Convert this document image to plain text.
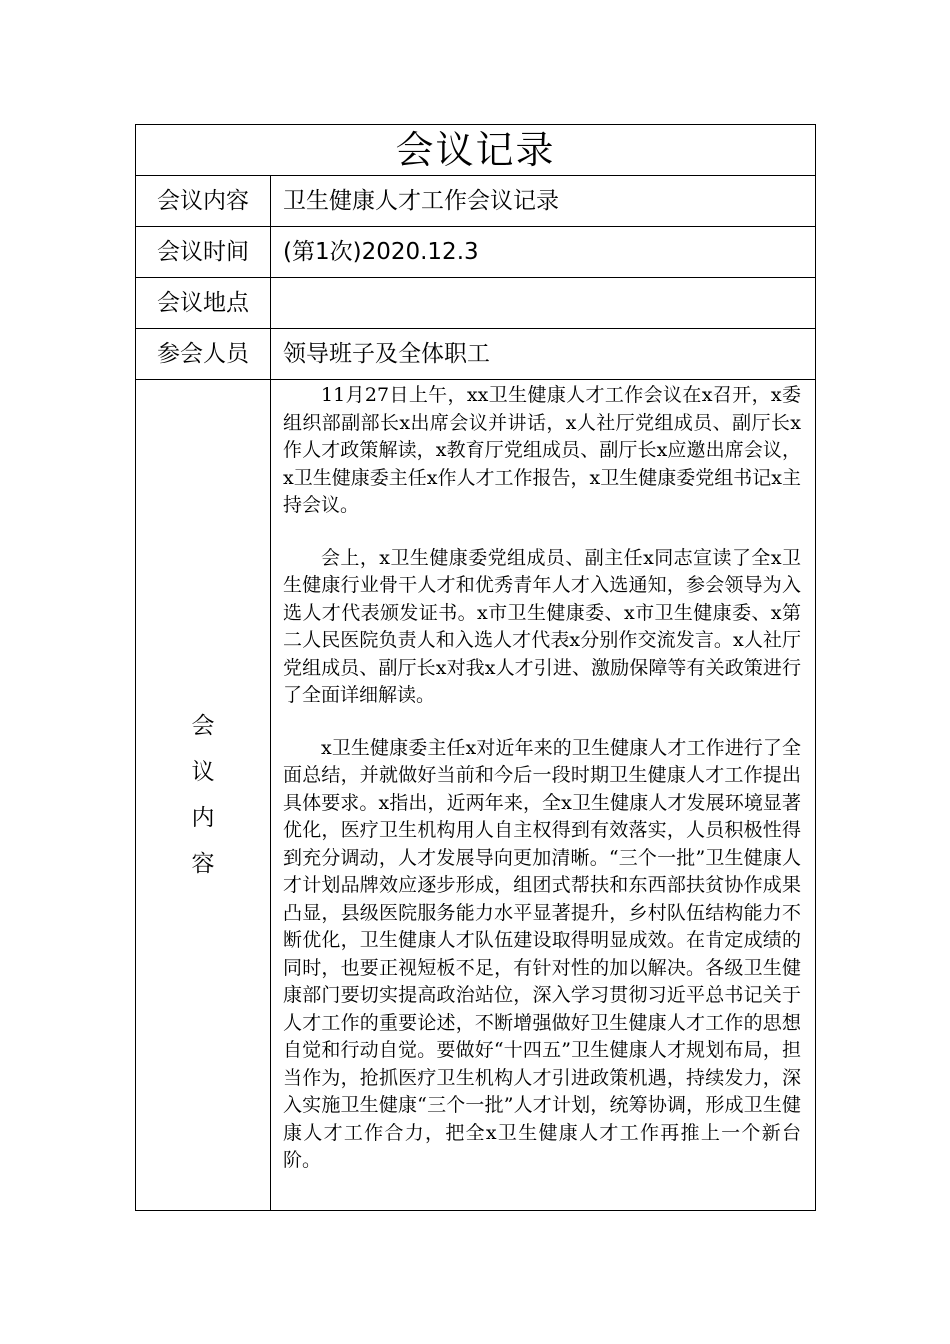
会议记录	
会议内容	卫生健康人才工作会议记录
会议时间	(第1次)2020.12.3
会议地点	
参会人员	领导班子及全体职工
会议内容	11月27日上午，xx卫生健康人才工作会议在x召开，x委组织部副部长x出席会议并讲话，x人社厅党组成员、副厅长x作人才政策解读，x教育厅党组成员、副厅长x应邀出席会议，x卫生健康委主任x作人才工作报告，x卫生健康委党组书记x主持会议。

会上，x卫生健康委党组成员、副主任x同志宣读了全x卫生健康行业骨干人才和优秀青年人才入选通知，参会领导为入选人才代表颁发证书。x市卫生健康委、x市卫生健康委、x第二人民医院负责人和入选人才代表x分别作交流发言。x人社厅党组成员、副厅长x对我x人才引进、激励保障等有关政策进行了全面详细解读。

x卫生健康委主任x对近年来的卫生健康人才工作进行了全面总结，并就做好当前和今后一段时期卫生健康人才工作提出具体要求。x指出，近两年来，全x卫生健康人才发展环境显著优化，医疗卫生机构用人自主权得到有效落实，人员积极性得到充分调动，人才发展导向更加清晰。“三个一批”卫生健康人才计划品牌效应逐步形成，组团式帮扶和东西部扶贫协作成果凸显，县级医院服务能力水平显著提升，乡村队伍结构能力不断优化，卫生健康人才队伍建设取得明显成效。在肯定成绩的同时，也要正视短板不足，有针对性的加以解决。各级卫生健康部门要切实提高政治站位，深入学习贯彻习近平总书记关于人才工作的重要论述，不断增强做好卫生健康人才工作的思想自觉和行动自觉。要做好“十四五”卫生健康人才规划布局，担当作为，抢抓医疗卫生机构人才引进政策机遇，持续发力，深入实施卫生健康“三个一批”人才计划，统筹协调，形成卫生健康人才工作合力，把全x卫生健康人才工作再推上一个新台阶。
